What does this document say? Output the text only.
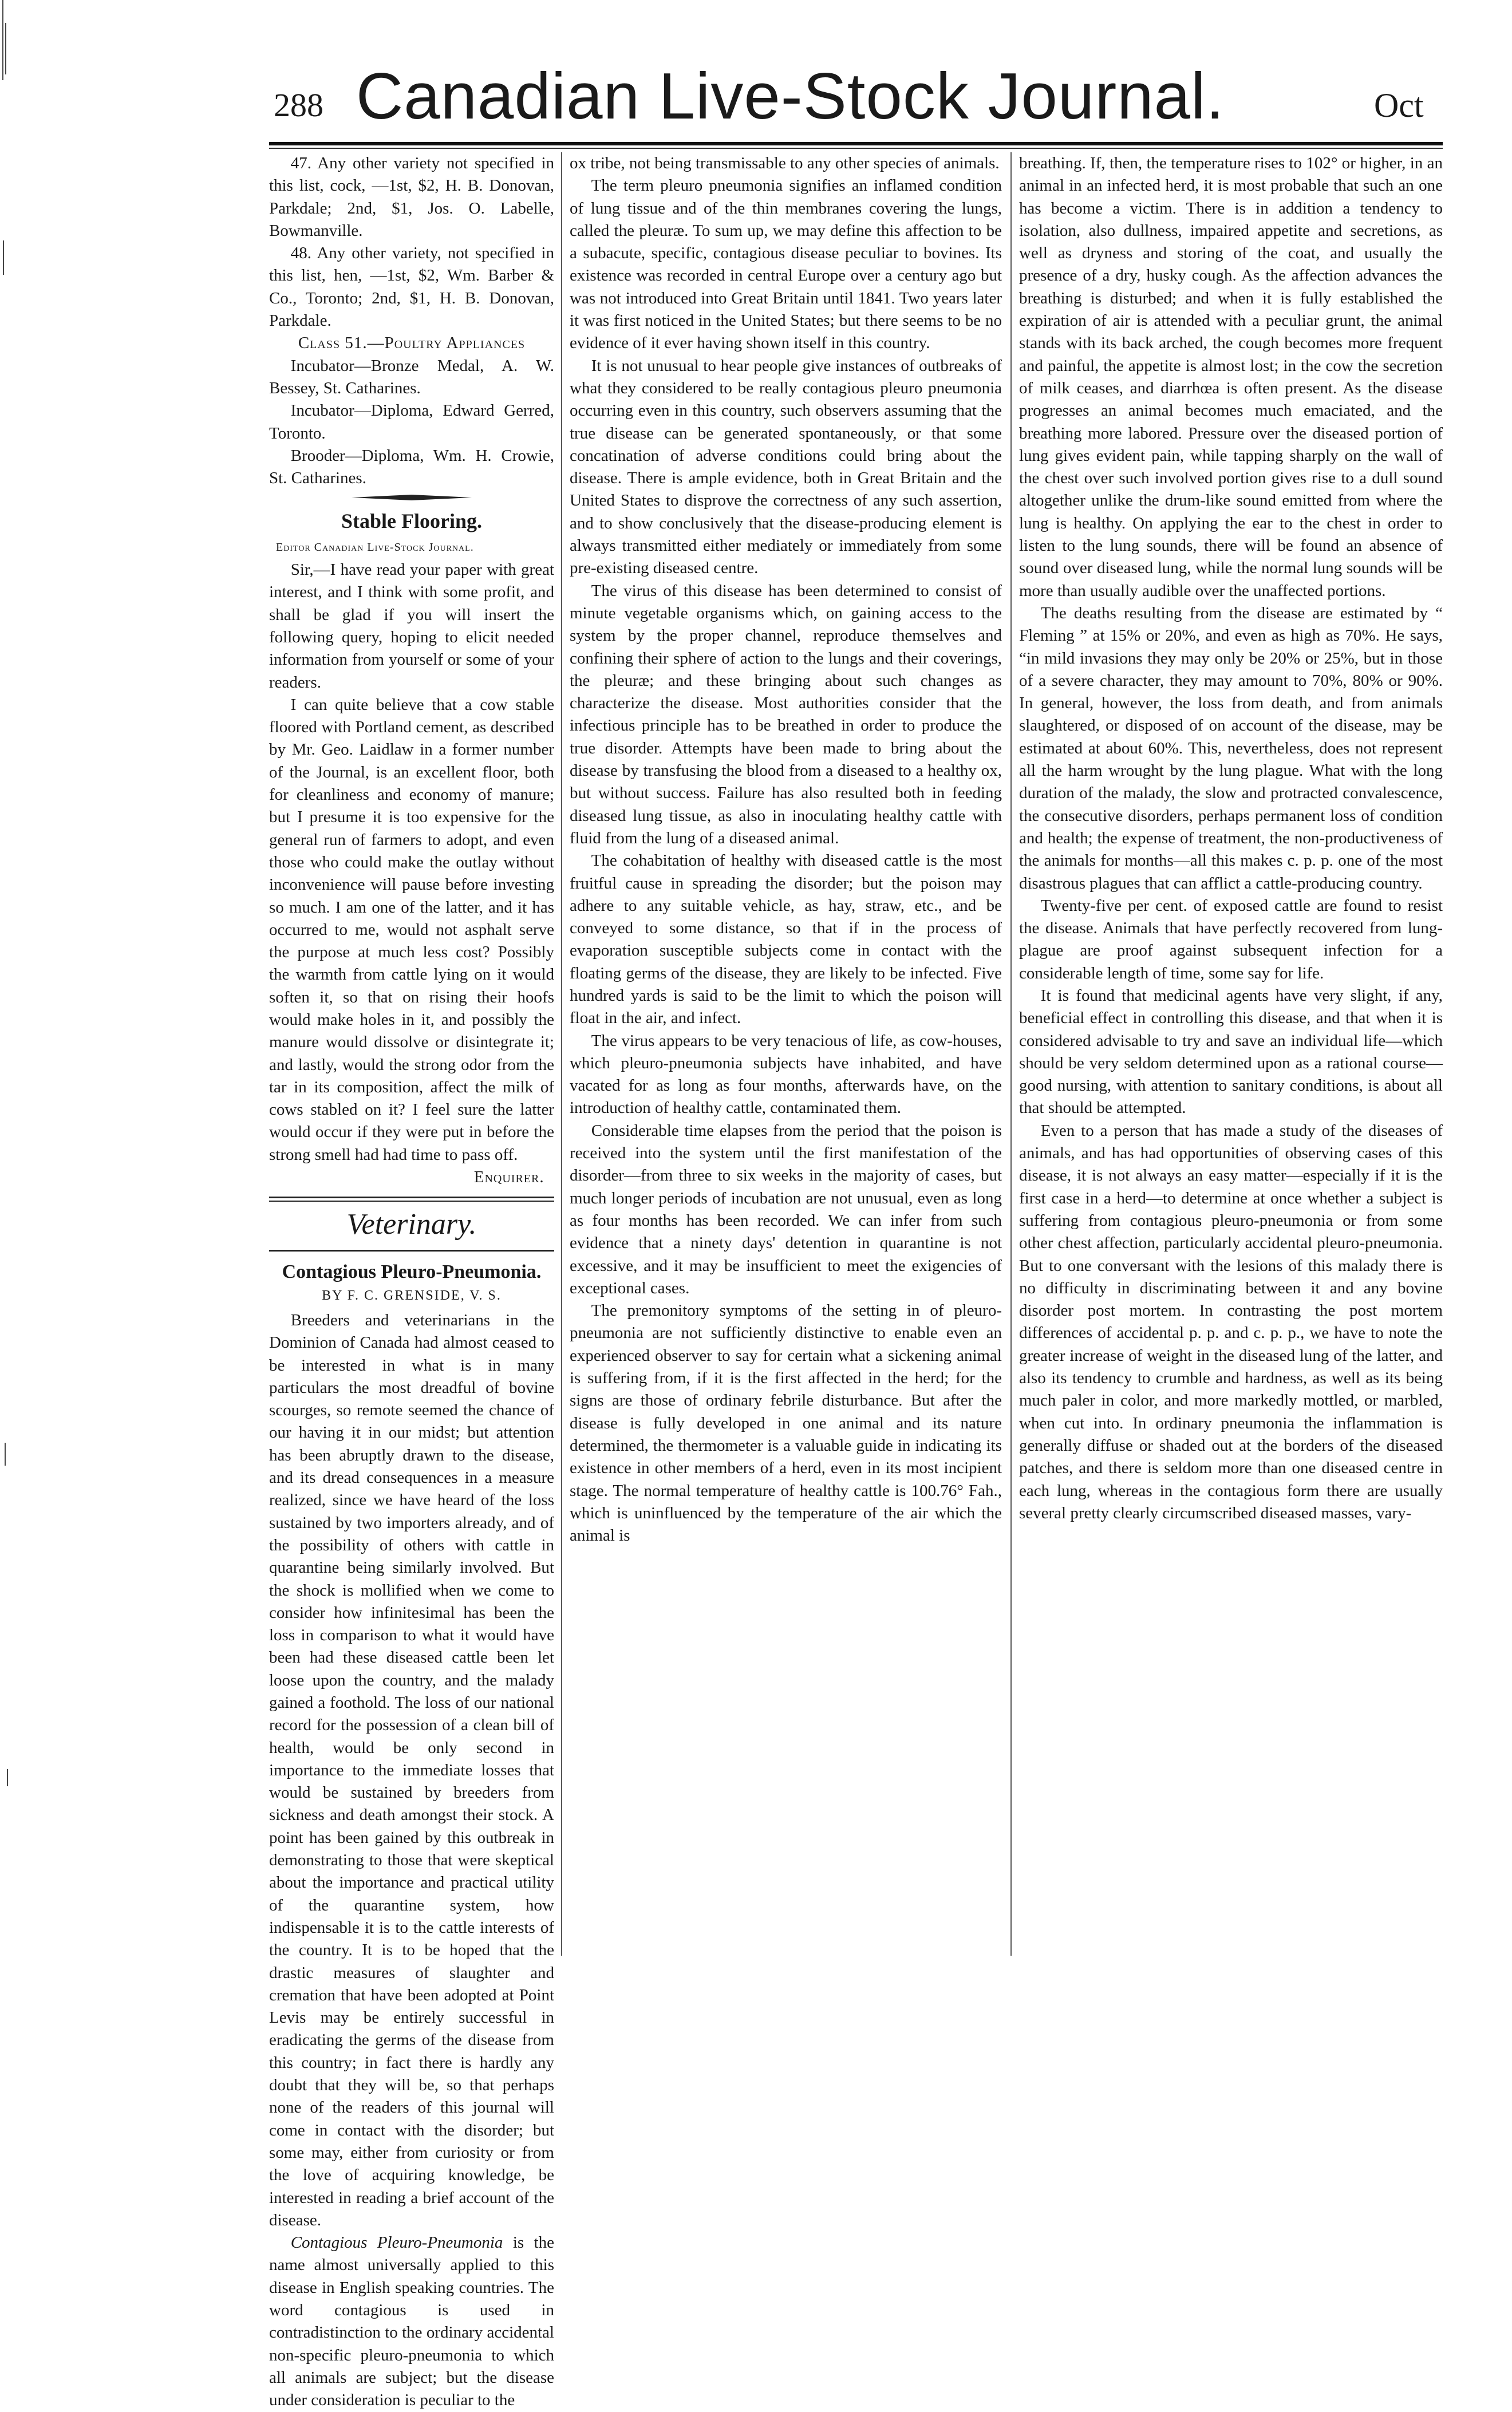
288 Canadian Live-Stock Journal.	Oct

47. Any other variety not specified in this list, cock, —1st, $2, H. B. Donovan, Parkdale; 2nd, $1, Jos. O. Labelle, Bowmanville.

48. Any other variety, not specified in this list, hen, —1st, $2, Wm. Barber & Co., Toronto; 2nd, $1, H. B. Donovan, Parkdale.

Class 51.—Poultry Appliances

Incubator—Bronze Medal, A. W. Bessey, St. Catharines.

Incubator—Diploma, Edward Gerred, Toronto.

Brooder—Diploma, Wm. H. Crowie, St. Catharines.

Stable Flooring.

Editor Canadian Live-Stock Journal.

Sir,—I have read your paper with great interest, and I think with some profit, and shall be glad if you will insert the following query, hoping to elicit needed information from yourself or some of your readers.

I can quite believe that a cow stable floored with Portland cement, as described by Mr. Geo. Laidlaw in a former number of the Journal, is an excellent floor, both for cleanliness and economy of manure; but I presume it is too expensive for the general run of farmers to adopt, and even those who could make the outlay without inconvenience will pause before investing so much. I am one of the latter, and it has occurred to me, would not asphalt serve the purpose at much less cost? Possibly the warmth from cattle lying on it would soften it, so that on rising their hoofs would make holes in it, and possibly the manure would dissolve or disintegrate it; and lastly, would the strong odor from the tar in its composition, affect the milk of cows stabled on it? I feel sure the latter would occur if they were put in before the strong smell had had time to pass off.

Enquirer.

Veterinary.
Contagious Pleuro-Pneumonia.
BY F. C. GRENSIDE, V. S.

Breeders and veterinarians in the Dominion of Canada had almost ceased to be interested in what is in many particulars the most dreadful of bovine scourges, so remote seemed the chance of our having it in our midst; but attention has been abruptly drawn to the disease, and its dread consequences in a measure realized, since we have heard of the loss sustained by two importers already, and of the possibility of others with cattle in quarantine being similarly involved. But the shock is mollified when we come to consider how infinitesimal has been the loss in comparison to what it would have been had these diseased cattle been let loose upon the country, and the malady gained a foothold. The loss of our national record for the possession of a clean bill of health, would be only second in importance to the immediate losses that would be sustained by breeders from sickness and death amongst their stock. A point has been gained by this outbreak in demonstrating to those that were skeptical about the importance and practical utility of the quarantine system, how indispensable it is to the cattle interests of the country. It is to be hoped that the drastic measures of slaughter and cremation that have been adopted at Point Levis may be entirely successful in eradicating the germs of the disease from this country; in fact there is hardly any doubt that they will be, so that perhaps none of the readers of this journal will come in contact with the disorder; but some may, either from curiosity or from the love of acquiring knowledge, be interested in reading a brief account of the disease.

Contagious Pleuro-Pneumonia is the name almost universally applied to this disease in English speaking countries. The word contagious is used in contradistinction to the ordinary accidental non-specific pleuro-pneumonia to which all animals are subject; but the disease under consideration is peculiar to the

ox tribe, not being transmissable to any other species of animals.

The term pleuro pneumonia signifies an inflamed condition of lung tissue and of the thin membranes covering the lungs, called the pleuræ. To sum up, we may define this affection to be a subacute, specific, contagious disease peculiar to bovines. Its existence was recorded in central Europe over a century ago but was not introduced into Great Britain until 1841. Two years later it was first noticed in the United States; but there seems to be no evidence of it ever having shown itself in this country.

It is not unusual to hear people give instances of outbreaks of what they considered to be really contagious pleuro pneumonia occurring even in this country, such observers assuming that the true disease can be generated spontaneously, or that some concatination of adverse conditions could bring about the disease. There is ample evidence, both in Great Britain and the United States to disprove the correctness of any such assertion, and to show conclusively that the disease-producing element is always transmitted either mediately or immediately from some pre-existing diseased centre.

The virus of this disease has been determined to consist of minute vegetable organisms which, on gaining access to the system by the proper channel, reproduce themselves and confining their sphere of action to the lungs and their coverings, the pleuræ; and these bringing about such changes as characterize the disease. Most authorities consider that the infectious principle has to be breathed in order to produce the true disorder. Attempts have been made to bring about the disease by transfusing the blood from a diseased to a healthy ox, but without success. Failure has also resulted both in feeding diseased lung tissue, as also in inoculating healthy cattle with fluid from the lung of a diseased animal.

The cohabitation of healthy with diseased cattle is the most fruitful cause in spreading the disorder; but the poison may adhere to any suitable vehicle, as hay, straw, etc., and be conveyed to some distance, so that if in the process of evaporation susceptible subjects come in contact with the floating germs of the disease, they are likely to be infected. Five hundred yards is said to be the limit to which the poison will float in the air, and infect.

The virus appears to be very tenacious of life, as cow-houses, which pleuro-pneumonia subjects have inhabited, and have vacated for as long as four months, afterwards have, on the introduction of healthy cattle, contaminated them.

Considerable time elapses from the period that the poison is received into the system until the first manifestation of the disorder—from three to six weeks in the majority of cases, but much longer periods of incubation are not unusual, even as long as four months has been recorded. We can infer from such evidence that a ninety days' detention in quarantine is not excessive, and it may be insufficient to meet the exigencies of exceptional cases.

The premonitory symptoms of the setting in of pleuro-pneumonia are not sufficiently distinctive to enable even an experienced observer to say for certain what a sickening animal is suffering from, if it is the first affected in the herd; for the signs are those of ordinary febrile disturbance. But after the disease is fully developed in one animal and its nature determined, the thermometer is a valuable guide in indicating its existence in other members of a herd, even in its most incipient stage. The normal temperature of healthy cattle is 100.76° Fah., which is uninfluenced by the temperature of the air which the animal is

breathing. If, then, the temperature rises to 102° or higher, in an animal in an infected herd, it is most probable that such an one has become a victim. There is in addition a tendency to isolation, also dullness, impaired appetite and secretions, as well as dryness and storing of the coat, and usually the presence of a dry, husky cough. As the affection advances the breathing is disturbed; and when it is fully established the expiration of air is attended with a peculiar grunt, the animal stands with its back arched, the cough becomes more frequent and painful, the appetite is almost lost; in the cow the secretion of milk ceases, and diarrhœa is often present. As the disease progresses an animal becomes much emaciated, and the breathing more labored. Pressure over the diseased portion of lung gives evident pain, while tapping sharply on the wall of the chest over such involved portion gives rise to a dull sound altogether unlike the drum-like sound emitted from where the lung is healthy. On applying the ear to the chest in order to listen to the lung sounds, there will be found an absence of sound over diseased lung, while the normal lung sounds will be more than usually audible over the unaffected portions.

The deaths resulting from the disease are estimated by “ Fleming ” at 15% or 20%, and even as high as 70%. He says, “in mild invasions they may only be 20% or 25%, but in those of a severe character, they may amount to 70%, 80% or 90%. In general, however, the loss from death, and from animals slaughtered, or disposed of on account of the disease, may be estimated at about 60%. This, nevertheless, does not represent all the harm wrought by the lung plague. What with the long duration of the malady, the slow and protracted convalescence, the consecutive disorders, perhaps permanent loss of condition and health; the expense of treatment, the non-productiveness of the animals for months—all this makes c. p. p. one of the most disastrous plagues that can afflict a cattle-producing country.

Twenty-five per cent. of exposed cattle are found to resist the disease. Animals that have perfectly recovered from lung-plague are proof against subsequent infection for a considerable length of time, some say for life.

It is found that medicinal agents have very slight, if any, beneficial effect in controlling this disease, and that when it is considered advisable to try and save an individual life—which should be very seldom determined upon as a rational course—good nursing, with attention to sanitary conditions, is about all that should be attempted.

Even to a person that has made a study of the diseases of animals, and has had opportunities of observing cases of this disease, it is not always an easy matter—especially if it is the first case in a herd—to determine at once whether a subject is suffering from contagious pleuro-pneumonia or from some other chest affection, particularly accidental pleuro-pneumonia. But to one conversant with the lesions of this malady there is no difficulty in discriminating between it and any bovine disorder post mortem. In contrasting the post mortem differences of accidental p. p. and c. p. p., we have to note the greater increase of weight in the diseased lung of the latter, and also its tendency to crumble and hardness, as well as its being much paler in color, and more markedly mottled, or marbled, when cut into. In ordinary pneumonia the inflammation is generally diffuse or shaded out at the borders of the diseased patches, and there is seldom more than one diseased centre in each lung, whereas in the contagious form there are usually several pretty clearly circumscribed diseased masses, vary-
